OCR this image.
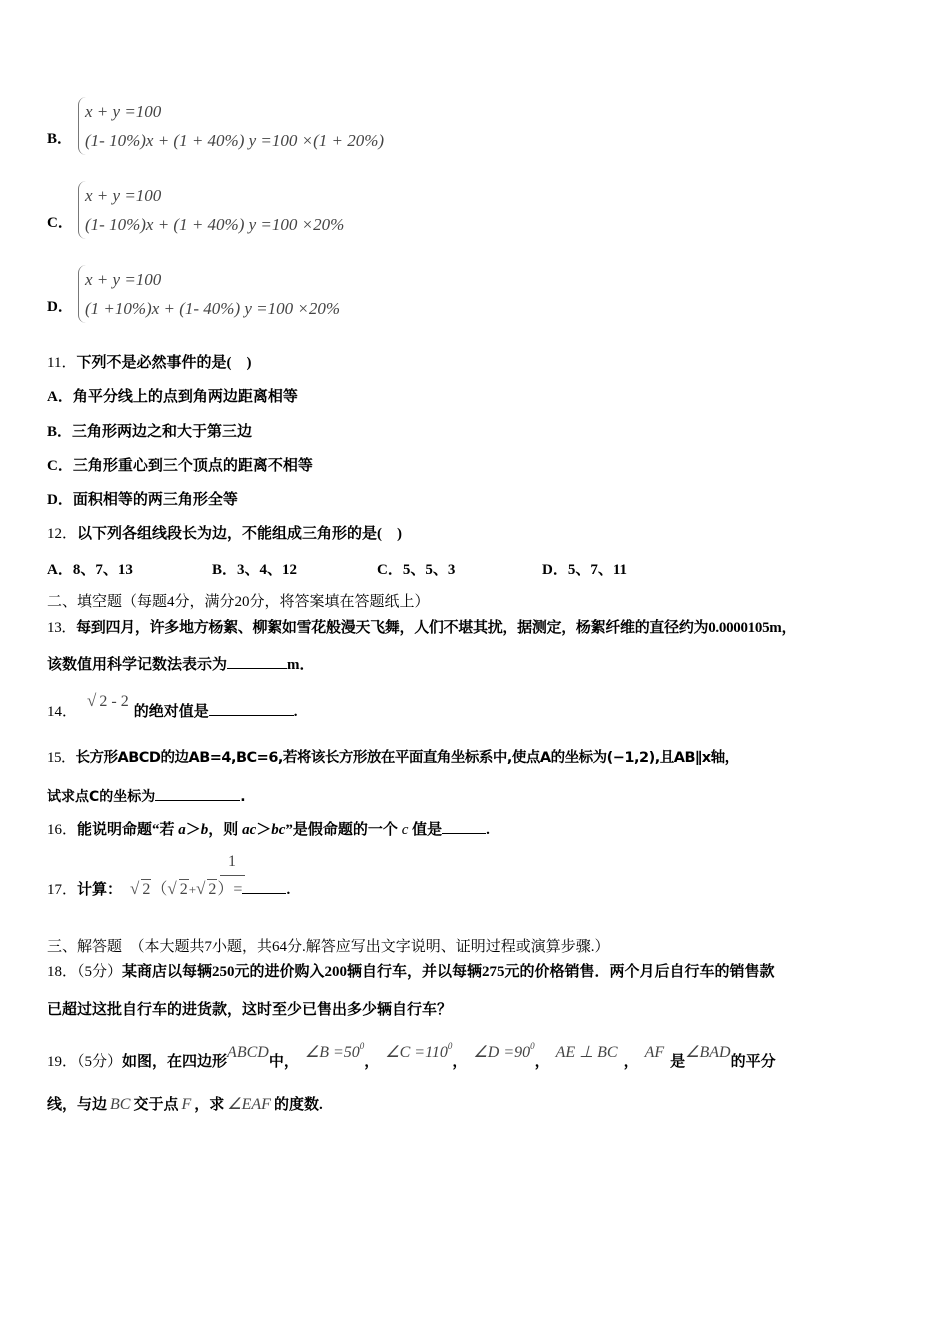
B．
x + y =100
(1- 10%)x + (1 + 40%) y =100 ×(1 + 20%)
C．
x + y =100
(1- 10%)x + (1 + 40%) y =100 ×20%
D．
x + y =100
(1 +10%)x + (1- 40%) y =100 ×20%
11．下列不是必然事件的是(　)
A．角平分线上的点到角两边距离相等
B．三角形两边之和大于第三边
C．三角形重心到三个顶点的距离不相等
D．面积相等的两三角形全等
12．以下列各组线段长为边，不能组成三角形的是(　)
A．8、7、13	B．3、4、12	C．5、5、3	D．5、7、11
二、填空题（每题4分，满分20分，将答案填在答题纸上）
13．每到四月，许多地方杨絮、柳絮如雪花般漫天飞舞，人们不堪其扰，据测定，杨絮纤维的直径约为0.0000105m，
该数值用科学记数法表示为	m．
14．√ 2 - 2的绝对值是	.
15．长方形ABCD的边AB=4,BC=6,若将该长方形放在平面直角坐标系中,使点A的坐标为(−1,2),且AB∥x轴，
试求点C的坐标为	.
16．能说明命题“若 a＞b，则 ac＞bc”是假命题的一个 c 值是	.
1
17．计算： √ 2（√ 2+√ 2）=	.
三、解答题　（本大题共7小题，共64分.解答应写出文字说明、证明过程或演算步骤.）
18．（5分）某商店以每辆250元的进价购入200辆自行车，并以每辆275元的价格销售．两个月后自行车的销售款
已超过这批自行车的进货款，这时至少已售出多少辆自行车？
19．（5分）如图，在四边形ABCD中，∠B $=50^0$，∠C $=110^0$，∠D $=90^0$，AE ⊥ BC，AF是∠BAD的平分
线，与边 BC 交于点 F ，求 ∠EAF 的度数.
